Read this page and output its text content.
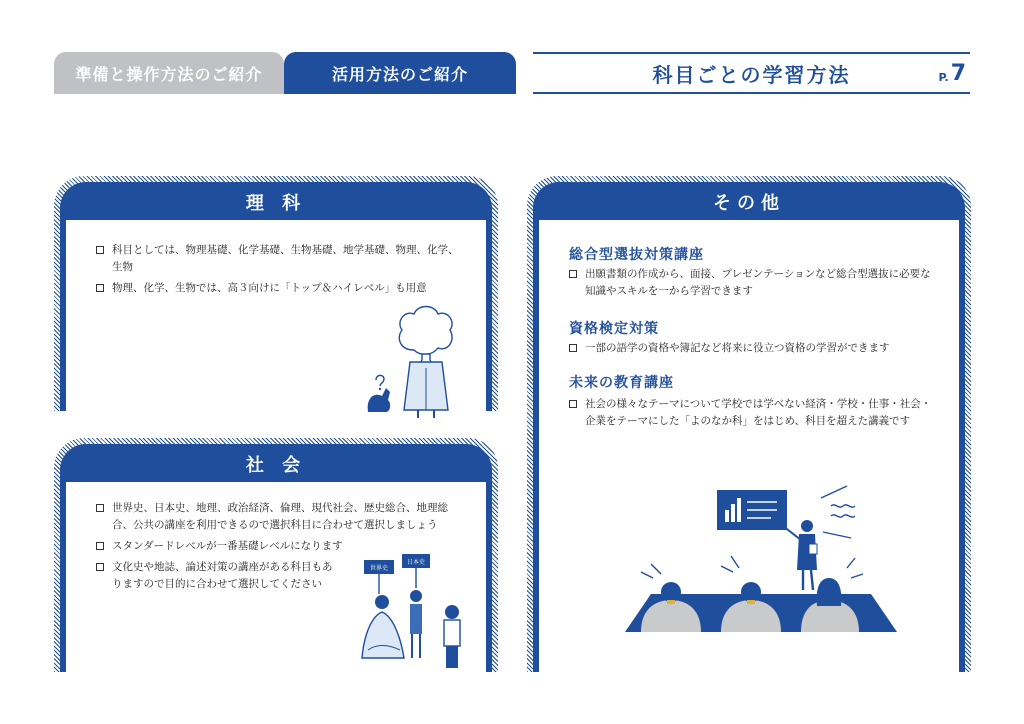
準備と操作方法のご紹介	活用方法のご紹介	科目ごとの学習方法	P. 7
理 科
科目としては、物理基礎、化学基礎、生物基礎、地学基礎、物理、化学、生物
物理、化学、生物では、高３向けに「トップ＆ハイレベル」も用意
社 会
世界史、日本史、地理、政治経済、倫理、現代社会、歴史総合、地理総合、公共の講座を利用できるので選択科目に合わせて選択しましょう
スタンダードレベルが一番基礎レベルになります
文化史や地誌、論述対策の講座がある科目もありますので目的に合わせて選択してください
世界史
日本史
その他
総合型選抜対策講座
出願書類の作成から、面接、プレゼンテーションなど総合型選抜に必要な知識やスキルを一から学習できます
資格検定対策
一部の語学の資格や簿記など将来に役立つ資格の学習ができます
未来の教育講座
社会の様々なテーマについて学校では学べない経済・学校・仕事・社会・企業をテーマにした「よのなか科」をはじめ、科目を超えた講義です
